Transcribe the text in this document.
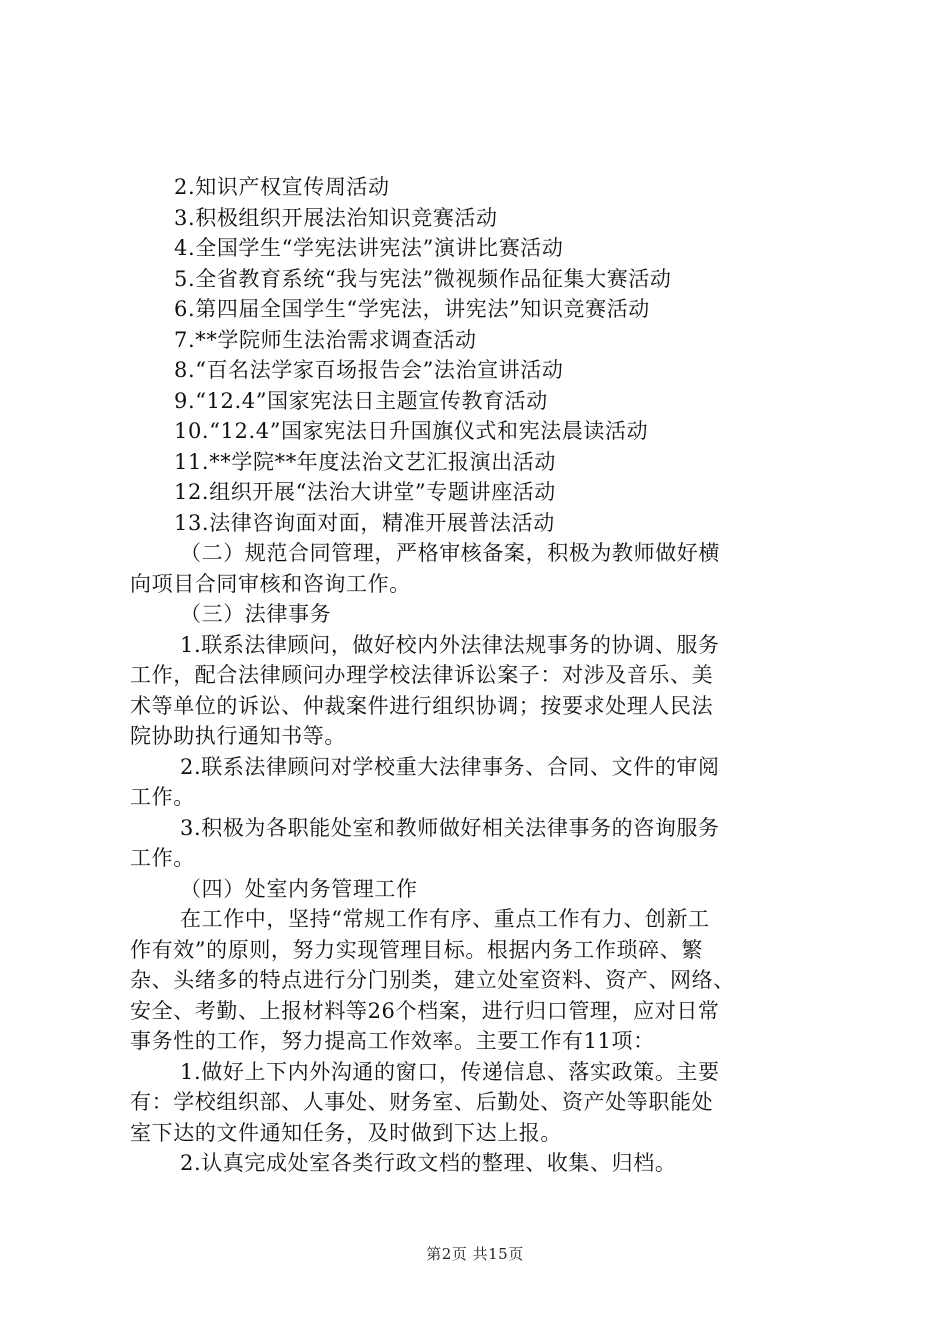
2.知识产权宣传周活动
3.积极组织开展法治知识竞赛活动
4.全国学生“学宪法讲宪法”演讲比赛活动
5.全省教育系统“我与宪法”微视频作品征集大赛活动
6.第四届全国学生“学宪法，讲宪法”知识竞赛活动
7.**学院师生法治需求调查活动
8.“百名法学家百场报告会”法治宣讲活动
9.“12.4”国家宪法日主题宣传教育活动
10.“12.4”国家宪法日升国旗仪式和宪法晨读活动
11.**学院**年度法治文艺汇报演出活动
12.组织开展“法治大讲堂”专题讲座活动
13.法律咨询面对面，精准开展普法活动
（二）规范合同管理，严格审核备案，积极为教师做好横
向项目合同审核和咨询工作。
（三）法律事务
1.联系法律顾问，做好校内外法律法规事务的协调、服务
工作，配合法律顾问办理学校法律诉讼案子：对涉及音乐、美
术等单位的诉讼、仲裁案件进行组织协调；按要求处理人民法
院协助执行通知书等。
2.联系法律顾问对学校重大法律事务、合同、文件的审阅
工作。
3.积极为各职能处室和教师做好相关法律事务的咨询服务
工作。
（四）处室内务管理工作
在工作中，坚持“常规工作有序、重点工作有力、创新工
作有效”的原则，努力实现管理目标。根据内务工作琐碎、繁
杂、头绪多的特点进行分门别类，建立处室资料、资产、网络、
安全、考勤、上报材料等26个档案，进行归口管理，应对日常
事务性的工作，努力提高工作效率。主要工作有11项：
1.做好上下内外沟通的窗口，传递信息、落实政策。主要
有：学校组织部、人事处、财务室、后勤处、资产处等职能处
室下达的文件通知任务，及时做到下达上报。
2.认真完成处室各类行政文档的整理、收集、归档。
第2页 共15页
